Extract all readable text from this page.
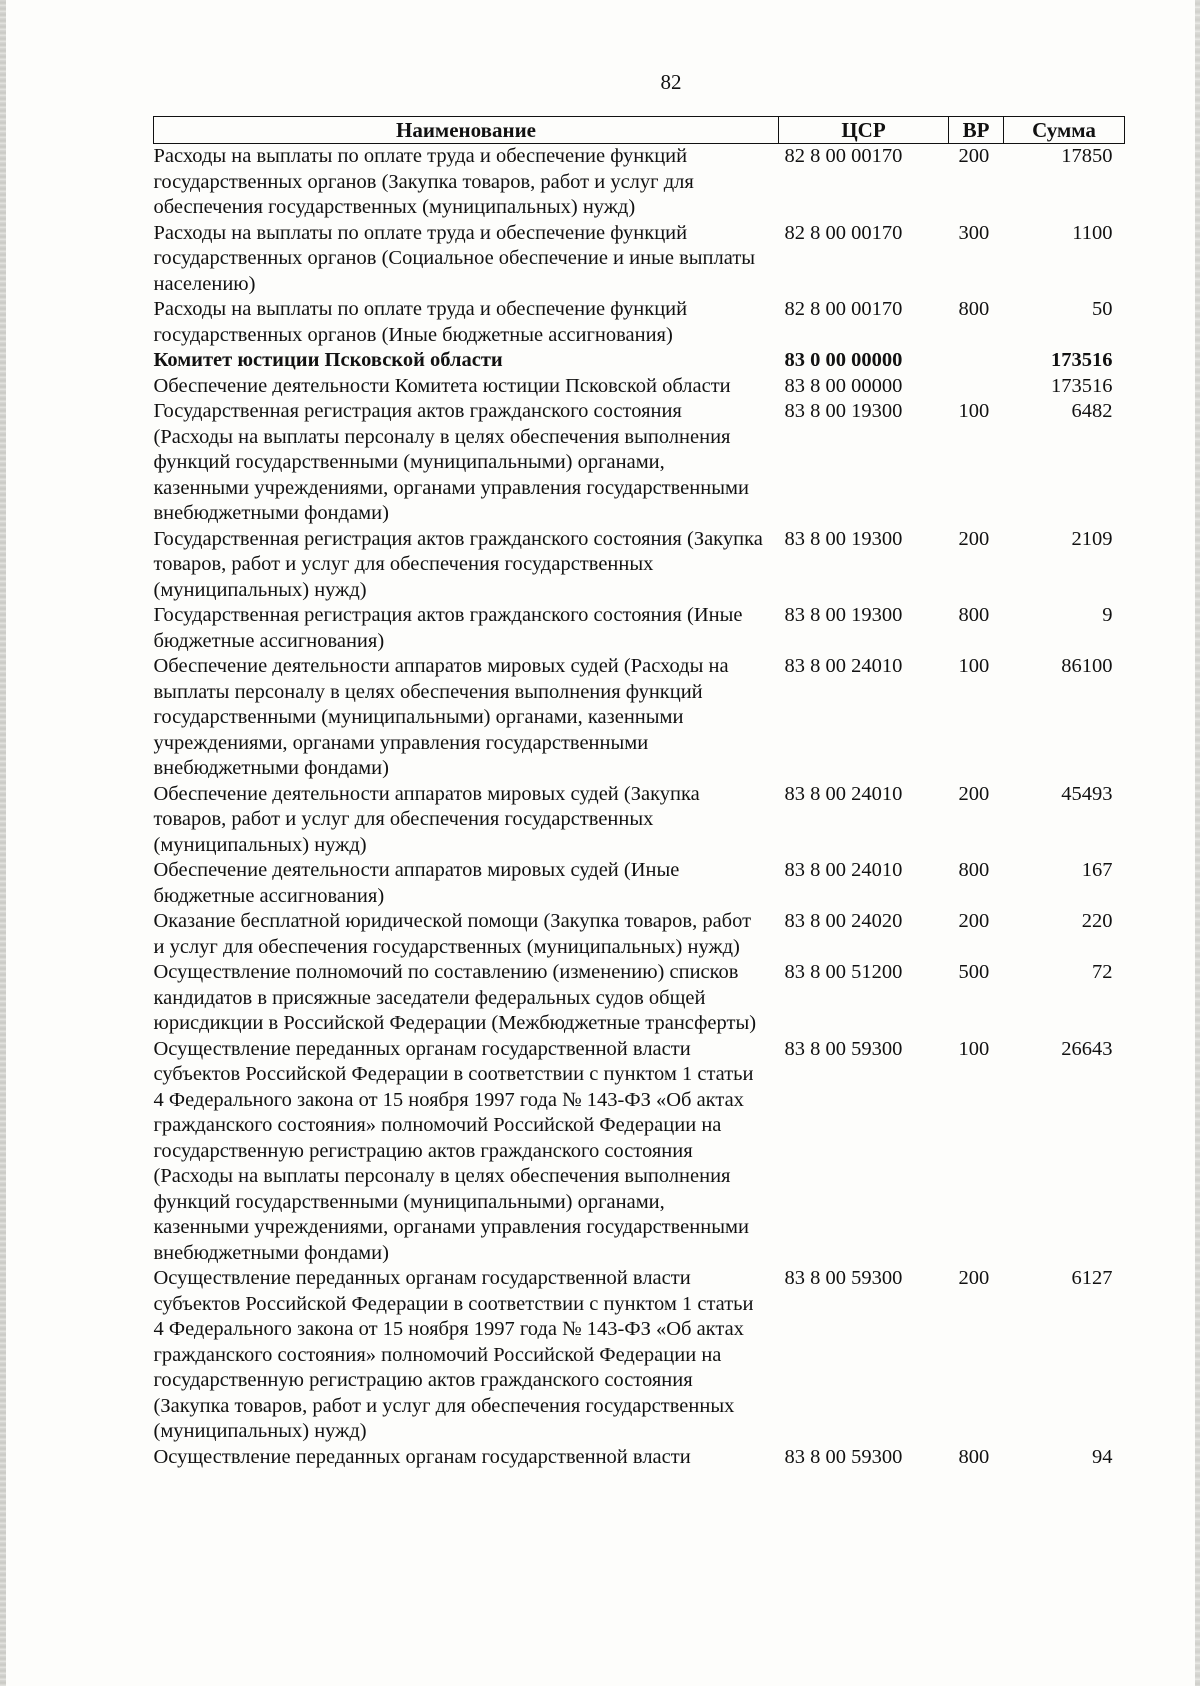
82
Наименование	ЦСР	ВР	Сумма
Расходы на выплаты по оплате труда и обеспечение функций государственных органов (Закупка товаров, работ и услуг для обеспечения государственных (муниципальных) нужд)	82 8 00 00170	200	17850
Расходы на выплаты по оплате труда и обеспечение функций государственных органов (Социальное обеспечение и иные выплаты населению)	82 8 00 00170	300	1100
Расходы на выплаты по оплате труда и обеспечение функций государственных органов (Иные бюджетные ассигнования)	82 8 00 00170	800	50
Комитет юстиции Псковской области	83 0 00 00000		173516
Обеспечение деятельности Комитета юстиции Псковской области	83 8 00 00000		173516
Государственная регистрация актов гражданского состояния (Расходы на выплаты персоналу в целях обеспечения выполнения функций государственными (муниципальными) органами, казенными учреждениями, органами управления государственными внебюджетными фондами)	83 8 00 19300	100	6482
Государственная регистрация актов гражданского состояния (Закупка товаров, работ и услуг для обеспечения государственных (муниципальных) нужд)	83 8 00 19300	200	2109
Государственная регистрация актов гражданского состояния (Иные бюджетные ассигнования)	83 8 00 19300	800	9
Обеспечение деятельности аппаратов мировых судей (Расходы на выплаты персоналу в целях обеспечения выполнения функций государственными (муниципальными) органами, казенными учреждениями, органами управления государственными внебюджетными фондами)	83 8 00 24010	100	86100
Обеспечение деятельности аппаратов мировых судей (Закупка товаров, работ и услуг для обеспечения государственных (муниципальных) нужд)	83 8 00 24010	200	45493
Обеспечение деятельности аппаратов мировых судей (Иные бюджетные ассигнования)	83 8 00 24010	800	167
Оказание бесплатной юридической помощи (Закупка товаров, работ и услуг для обеспечения государственных (муниципальных) нужд)	83 8 00 24020	200	220
Осуществление полномочий по составлению (изменению) списков кандидатов в присяжные заседатели федеральных судов общей юрисдикции в Российской Федерации (Межбюджетные трансферты)	83 8 00 51200	500	72
Осуществление переданных органам государственной власти субъектов Российской Федерации в соответствии с пунктом 1 статьи 4 Федерального закона от 15 ноября 1997 года № 143-ФЗ «Об актах гражданского состояния» полномочий Российской Федерации на государственную регистрацию актов гражданского состояния (Расходы на выплаты персоналу в целях обеспечения выполнения функций государственными (муниципальными) органами, казенными учреждениями, органами управления государственными внебюджетными фондами)	83 8 00 59300	100	26643
Осуществление переданных органам государственной власти субъектов Российской Федерации в соответствии с пунктом 1 статьи 4 Федерального закона от 15 ноября 1997 года № 143-ФЗ «Об актах гражданского состояния» полномочий Российской Федерации на государственную регистрацию актов гражданского состояния (Закупка товаров, работ и услуг для обеспечения государственных (муниципальных) нужд)	83 8 00 59300	200	6127
Осуществление переданных органам государственной власти	83 8 00 59300	800	94
